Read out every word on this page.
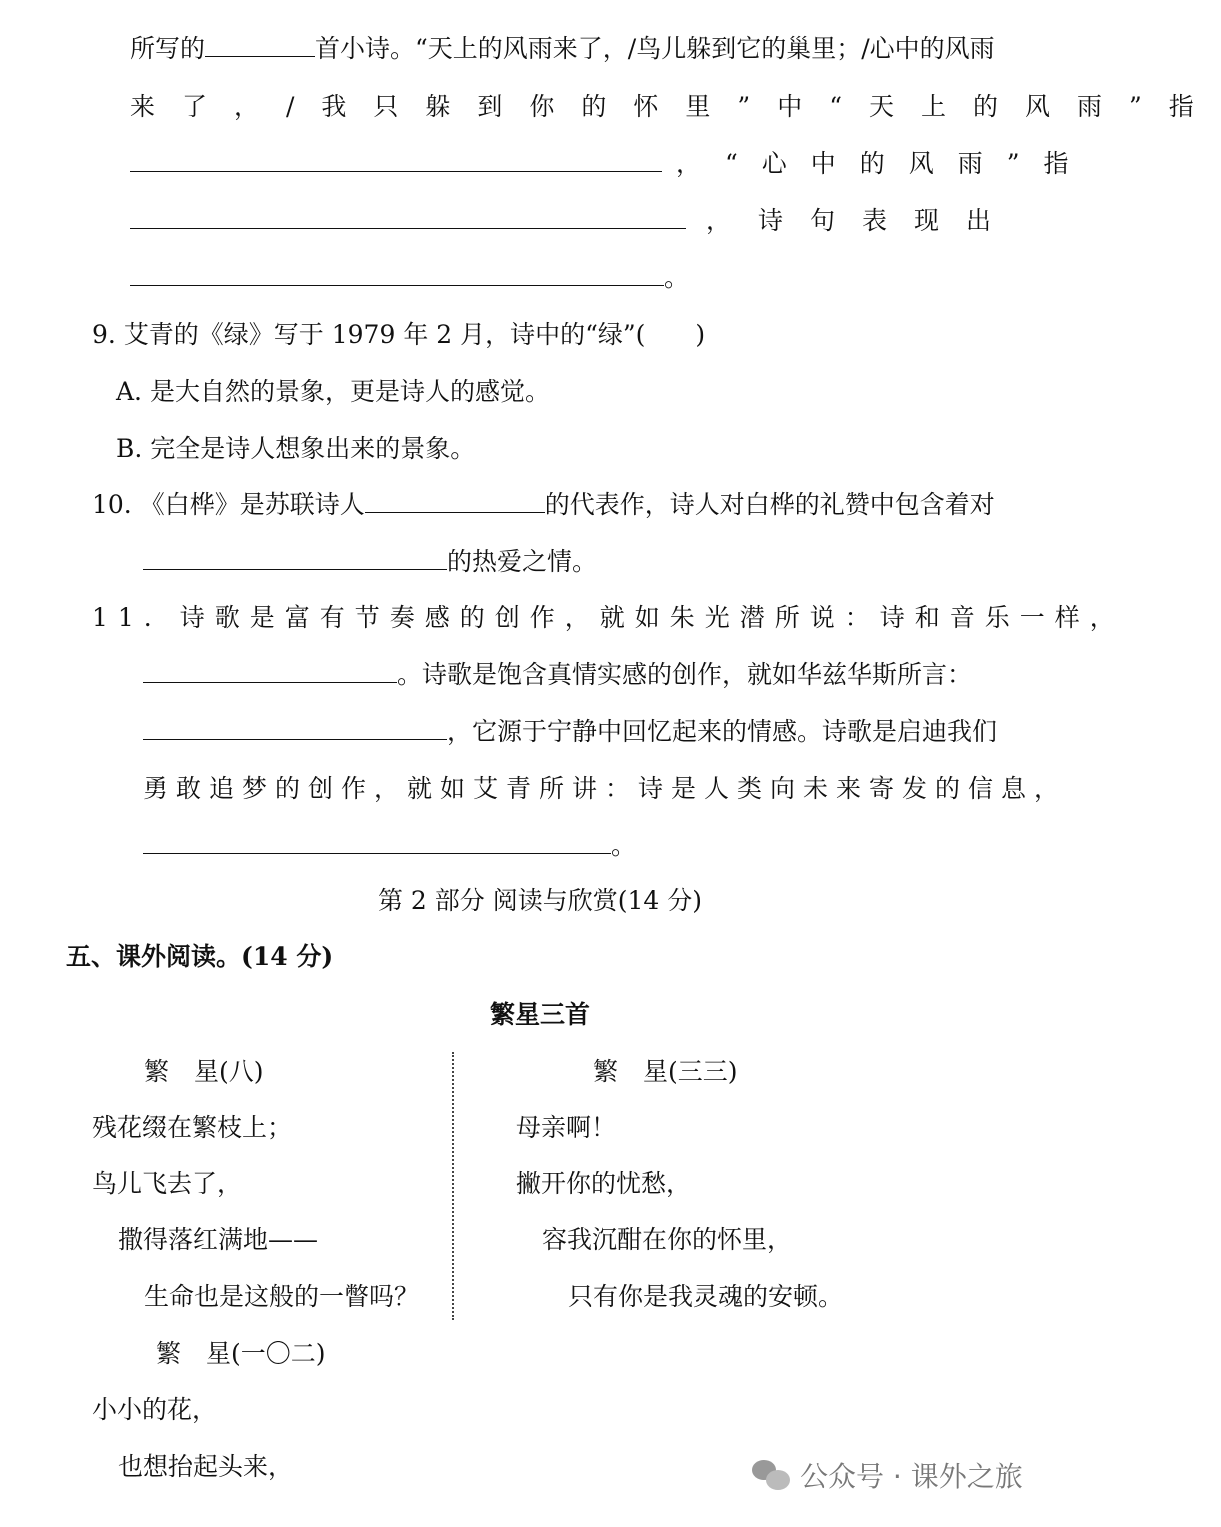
所写的	首小诗。“天上的风雨来了，/鸟儿躲到它的巢里；/心中的风雨
来了，/我只躲到你的怀里”中“天上的风雨”指
，“心中的风雨”指
，诗句表现出
。
9. 艾青的《绿》写于 1979 年 2 月，诗中的“绿”(　　)
A. 是大自然的景象，更是诗人的感觉。
B. 完全是诗人想象出来的景象。
10. 《白桦》是苏联诗人	的代表作，诗人对白桦的礼赞中包含着对
的热爱之情。
11. 诗歌是富有节奏感的创作，就如朱光潜所说：诗和音乐一样，
。诗歌是饱含真情实感的创作，就如华兹华斯所言：
，它源于宁静中回忆起来的情感。诗歌是启迪我们
勇敢追梦的创作，就如艾青所讲：诗是人类向未来寄发的信息，
。
第 2 部分 阅读与欣赏(14 分)
五、课外阅读。(14 分)
繁星三首
繁　星(八)
残花缀在繁枝上；
鸟儿飞去了，
撒得落红满地——
生命也是这般的一瞥吗？
繁　星(三三)
母亲啊！
撇开你的忧愁，
容我沉酣在你的怀里，
只有你是我灵魂的安顿。
繁　星(一〇二)
小小的花，
也想抬起头来，	公众号 · 课外之旅
